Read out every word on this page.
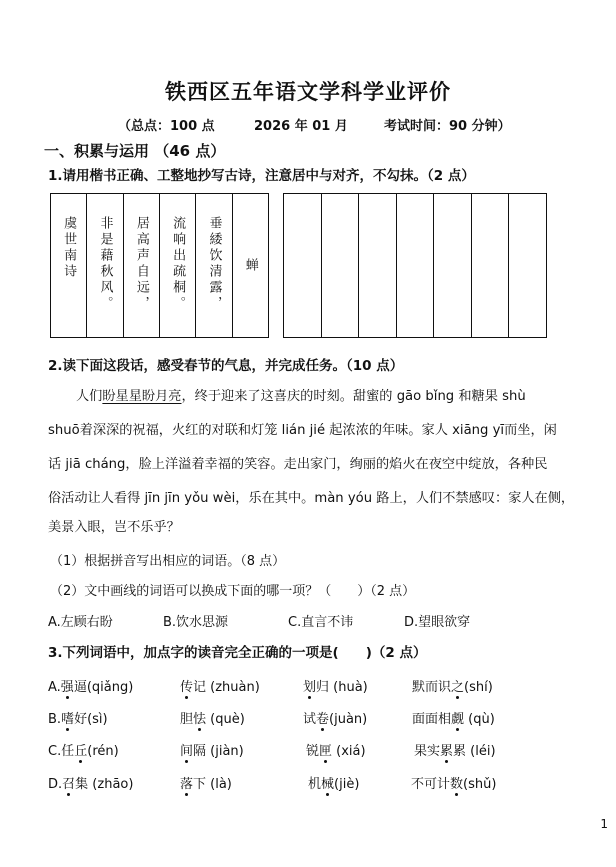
铁西区五年语文学科学业评价
（总点：100 点	2026 年 01 月	考试时间：90 分钟）
一、积累与运用 （46 点）
1.请用楷书正确、工整地抄写古诗，注意居中与对齐，不勾抹。（2 点）
虞世南诗 非是藉秋风。 居高声自远， 流响出疏桐。 垂緌饮清露， 蝉
2.读下面这段话，感受春节的气息，并完成任务。（10 点）
人们盼星星盼月亮，终于迎来了这喜庆的时刻。甜蜜的 gāo bǐng 和糖果 shù
shuō着深深的祝福，火红的对联和灯笼 lián jié 起浓浓的年味。家人 xiāng yī而坐，闲
话 jiā cháng，脸上洋溢着幸福的笑容。走出家门，绚丽的焰火在夜空中绽放，各种民
俗活动让人看得 jīn jīn yǒu wèi，乐在其中。màn yóu 路上，人们不禁感叹：家人在侧，
美景入眼，岂不乐乎？
（1）根据拼音写出相应的词语。（8 点）
（2）文中画线的词语可以换成下面的哪一项？（　　）（2 点）
A.左顾右盼	B.饮水思源	C.直言不讳	D.望眼欲穿
3.下列词语中，加点字的读音完全正确的一项是(　　)（2 点）
A.强逼(qiǎng)	传记 (zhuàn)	划归 (huà)	默而识之(shí)
B.嗜好(sì)	胆怯 (què)	试卷(juàn)	面面相觑 (qù)
C.任丘(rén)	间隔 (jiàn)	锐匣 (xiá)	果实累累 (léi)
D.召集 (zhāo)	落下 (là)	机械(jiè)	不可计数(shǔ)
1
